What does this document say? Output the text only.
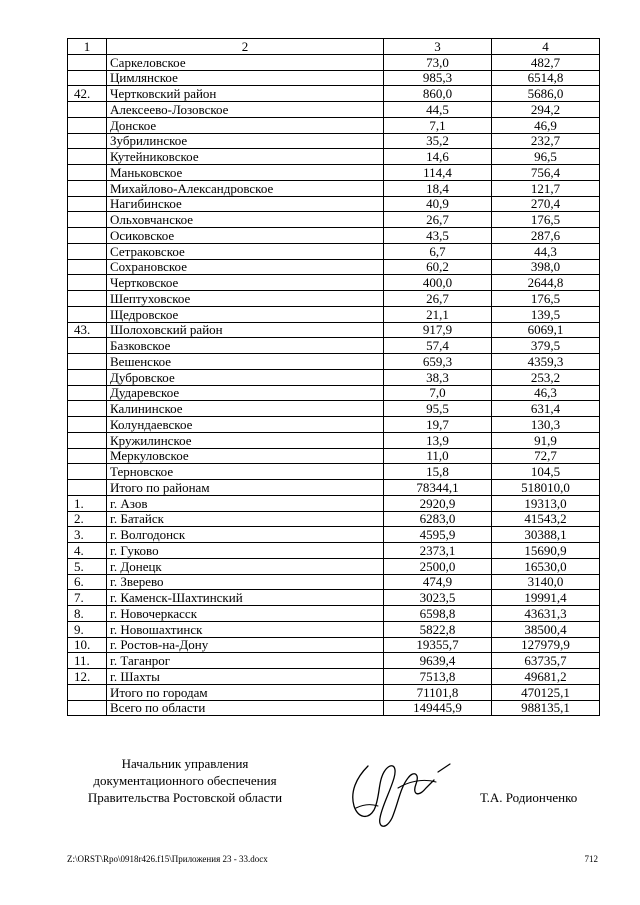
1	2	3	4
	Саркеловское	73,0	482,7
	Цимлянское	985,3	6514,8
42.	Чертковский район	860,0	5686,0
	Алексеево-Лозовское	44,5	294,2
	Донское	7,1	46,9
	Зубрилинское	35,2	232,7
	Кутейниковское	14,6	96,5
	Маньковское	114,4	756,4
	Михайлово-Александровское	18,4	121,7
	Нагибинское	40,9	270,4
	Ольховчанское	26,7	176,5
	Осиковское	43,5	287,6
	Сетраковское	6,7	44,3
	Сохрановское	60,2	398,0
	Чертковское	400,0	2644,8
	Шептуховское	26,7	176,5
	Щедровское	21,1	139,5
43.	Шолоховский район	917,9	6069,1
	Базковское	57,4	379,5
	Вешенское	659,3	4359,3
	Дубровское	38,3	253,2
	Дударевское	7,0	46,3
	Калининское	95,5	631,4
	Колундаевское	19,7	130,3
	Кружилинское	13,9	91,9
	Меркуловское	11,0	72,7
	Терновское	15,8	104,5
	Итого по районам	78344,1	518010,0
1.	г. Азов	2920,9	19313,0
2.	г. Батайск	6283,0	41543,2
3.	г. Волгодонск	4595,9	30388,1
4.	г. Гуково	2373,1	15690,9
5.	г. Донецк	2500,0	16530,0
6.	г. Зверево	474,9	3140,0
7.	г. Каменск-Шахтинский	3023,5	19991,4
8.	г. Новочеркасск	6598,8	43631,3
9.	г. Новошахтинск	5822,8	38500,4
10.	г. Ростов-на-Дону	19355,7	127979,9
11.	г. Таганрог	9639,4	63735,7
12.	г. Шахты	7513,8	49681,2
	Итого по городам	71101,8	470125,1
	Всего по области	149445,9	988135,1
Начальник управления
документационного обеспечения
Правительства Ростовской области	Т.А. Родионченко
Z:\ORST\Rpo\0918r426.f15\Приложения 23 - 33.docx	712
